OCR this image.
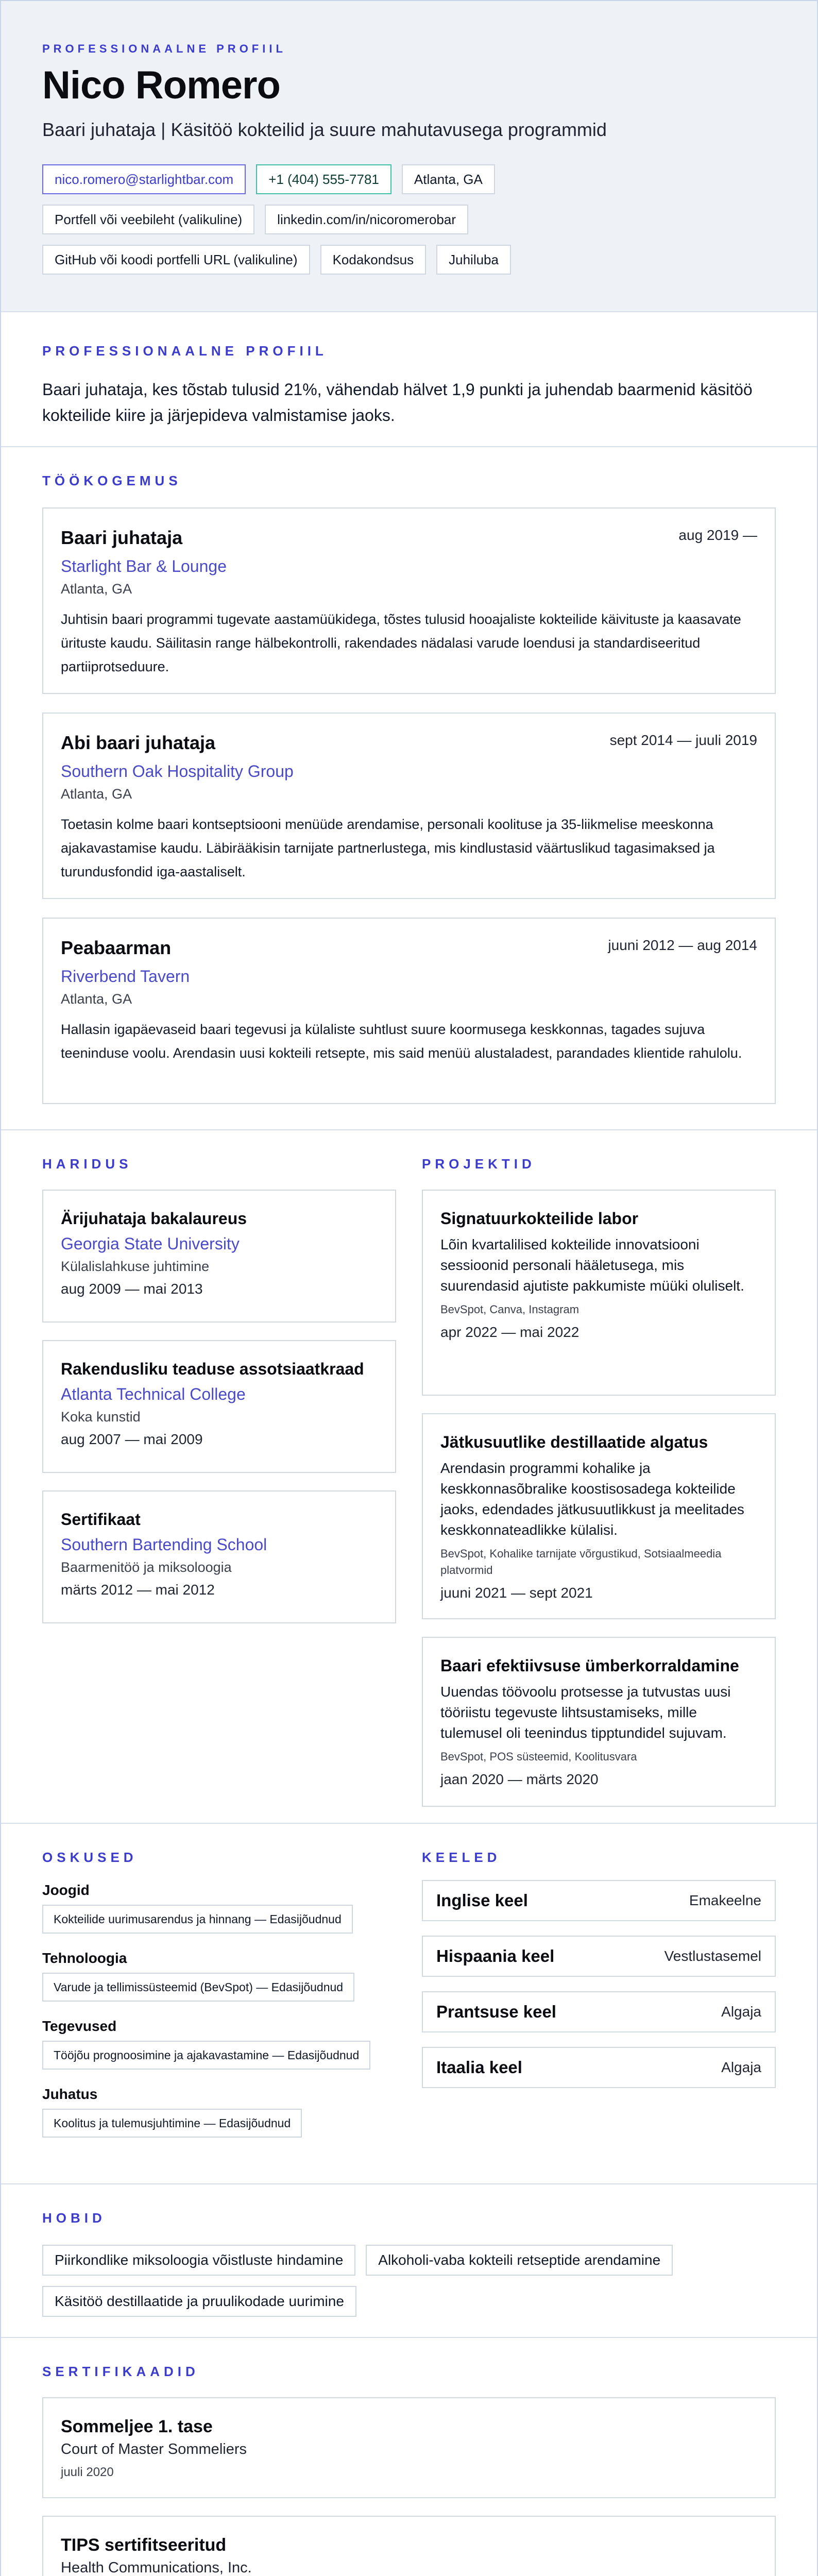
PROFESSIONAALNE PROFIIL
Nico Romero
Baari juhataja | Käsitöö kokteilid ja suure mahutavusega programmid
nico.romero@starlightbar.com	+1 (404) 555-7781	Atlanta, GA
Portfell või veebileht (valikuline)	linkedin.com/in/nicoromerobar
GitHub või koodi portfelli URL (valikuline)	Kodakondsus	Juhiluba
PROFESSIONAALNE PROFIIL
Baari juhataja, kes tõstab tulusid 21%, vähendab hälvet 1,9 punkti ja juhendab baarmenid käsitöö kokteilide kiire ja järjepideva valmistamise jaoks.
TÖÖKOGEMUS
Baari juhataja	aug 2019 —
Starlight Bar & Lounge
Atlanta, GA
Juhtisin baari programmi tugevate aastamüükidega, tõstes tulusid hooajaliste kokteilide käivituste ja kaasavate ürituste kaudu. Säilitasin range hälbekontrolli, rakendades nädalasi varude loendusi ja standardiseeritud partiiprotseduure.
Abi baari juhataja	sept 2014 — juuli 2019
Southern Oak Hospitality Group
Atlanta, GA
Toetasin kolme baari kontseptsiooni menüüde arendamise, personali koolituse ja 35-liikmelise meeskonna ajakavastamise kaudu. Läbirääkisin tarnijate partnerlustega, mis kindlustasid väärtuslikud tagasimaksed ja turundusfondid iga-aastaliselt.
Peabaarman	juuni 2012 — aug 2014
Riverbend Tavern
Atlanta, GA
Hallasin igapäevaseid baari tegevusi ja külaliste suhtlust suure koormusega keskkonnas, tagades sujuva teeninduse voolu. Arendasin uusi kokteili retsepte, mis said menüü alustaladest, parandades klientide rahulolu.
HARIDUS
Ärijuhataja bakalaureus
Georgia State University
Külalislahkuse juhtimine
aug 2009 — mai 2013
Rakendusliku teaduse assotsiaatkraad
Atlanta Technical College
Koka kunstid
aug 2007 — mai 2009
Sertifikaat
Southern Bartending School
Baarmenitöö ja miksoloogia
märts 2012 — mai 2012
PROJEKTID
Signatuurkokteilide labor
Lõin kvartalilised kokteilide innovatsiooni sessioonid personali hääletusega, mis suurendasid ajutiste pakkumiste müüki oluliselt.
BevSpot, Canva, Instagram
apr 2022 — mai 2022
Jätkusuutlike destillaatide algatus
Arendasin programmi kohalike ja keskkonnasõbralike koostisosadega kokteilide jaoks, edendades jätkusuutlikkust ja meelitades keskkonnateadlikke külalisi.
BevSpot, Kohalike tarnijate võrgustikud, Sotsiaalmeedia platvormid
juuni 2021 — sept 2021
Baari efektiivsuse ümberkorraldamine
Uuendas töövoolu protsesse ja tutvustas uusi tööriistu tegevuste lihtsustamiseks, mille tulemusel oli teenindus tipptundidel sujuvam.
BevSpot, POS süsteemid, Koolitusvara
jaan 2020 — märts 2020
OSKUSED
Joogid
Kokteilide uurimusarendus ja hinnang — Edasijõudnud
Tehnoloogia
Varude ja tellimissüsteemid (BevSpot) — Edasijõudnud
Tegevused
Tööjõu prognoosimine ja ajakavastamine — Edasijõudnud
Juhatus
Koolitus ja tulemusjuhtimine — Edasijõudnud
KEELED
Inglise keel	Emakeelne
Hispaania keel	Vestlustasemel
Prantsuse keel	Algaja
Itaalia keel	Algaja
HOBID
Piirkondlike miksoloogia võistluste hindamine	Alkoholi-vaba kokteili retseptide arendamine
Käsitöö destillaatide ja pruulikodade uurimine
SERTIFIKAADID
Sommeljee 1. tase
Court of Master Sommeliers
juuli 2020
TIPS sertifitseeritud
Health Communications, Inc.
